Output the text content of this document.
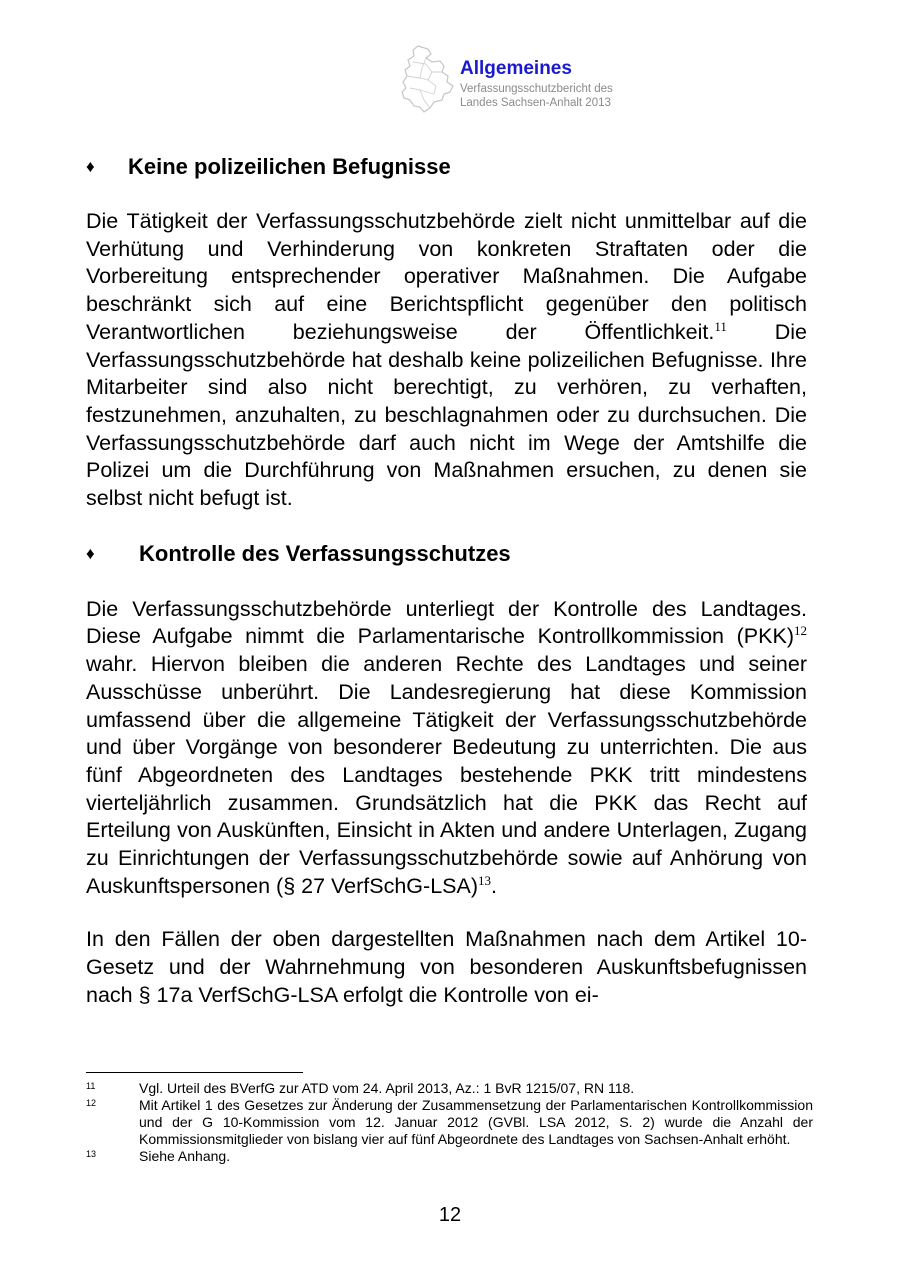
Allgemeines
Verfassungsschutzbericht des
Landes Sachsen-Anhalt 2013
♦	Keine polizeilichen Befugnisse

Die Tätigkeit der Verfassungsschutzbehörde zielt nicht unmittelbar auf die Verhütung und Verhinderung von konkreten Straftaten oder die Vorbereitung entsprechender operativer Maßnahmen. Die Aufgabe beschränkt sich auf eine Berichtspflicht gegenüber den politisch Verantwortlichen beziehungsweise der Öffentlichkeit.$^{11}$ Die Verfassungsschutzbehörde hat deshalb keine polizeilichen Befugnisse. Ihre Mitarbeiter sind also nicht berechtigt, zu verhören, zu verhaften, festzunehmen, anzuhalten, zu beschlagnahmen oder zu durchsuchen. Die Verfassungsschutzbehörde darf auch nicht im Wege der Amtshilfe die Polizei um die Durchführung von Maßnahmen ersuchen, zu denen sie selbst nicht befugt ist.

♦	Kontrolle des Verfassungsschutzes

Die Verfassungsschutzbehörde unterliegt der Kontrolle des Landtages. Diese Aufgabe nimmt die Parlamentarische Kontrollkommission (PKK)$^{12}$ wahr. Hiervon bleiben die anderen Rechte des Landtages und seiner Ausschüsse unberührt. Die Landesregierung hat diese Kommission umfassend über die allgemeine Tätigkeit der Verfassungsschutzbehörde und über Vorgänge von besonderer Bedeutung zu unterrichten. Die aus fünf Abgeordneten des Landtages bestehende PKK tritt mindestens vierteljährlich zusammen. Grundsätzlich hat die PKK das Recht auf Erteilung von Auskünften, Einsicht in Akten und andere Unterlagen, Zugang zu Einrichtungen der Verfassungsschutzbehörde sowie auf Anhörung von Auskunftspersonen (§ 27 VerfSchG-LSA)$^{13}$.

In den Fällen der oben dargestellten Maßnahmen nach dem Artikel 10-Gesetz und der Wahrnehmung von besonderen Auskunftsbefugnissen nach § 17a VerfSchG-LSA erfolgt die Kontrolle von ei-

11	Vgl. Urteil des BVerfG zur ATD vom 24. April 2013, Az.: 1 BvR 1215/07, RN 118.
12	Mit Artikel 1 des Gesetzes zur Änderung der Zusammensetzung der Parlamentarischen Kontrollkommission und der G 10-Kommission vom 12. Januar 2012 (GVBl. LSA 2012, S. 2) wurde die Anzahl der Kommissionsmitglieder von bislang vier auf fünf Abgeordnete des Landtages von Sachsen-Anhalt erhöht.
13	Siehe Anhang.
12
